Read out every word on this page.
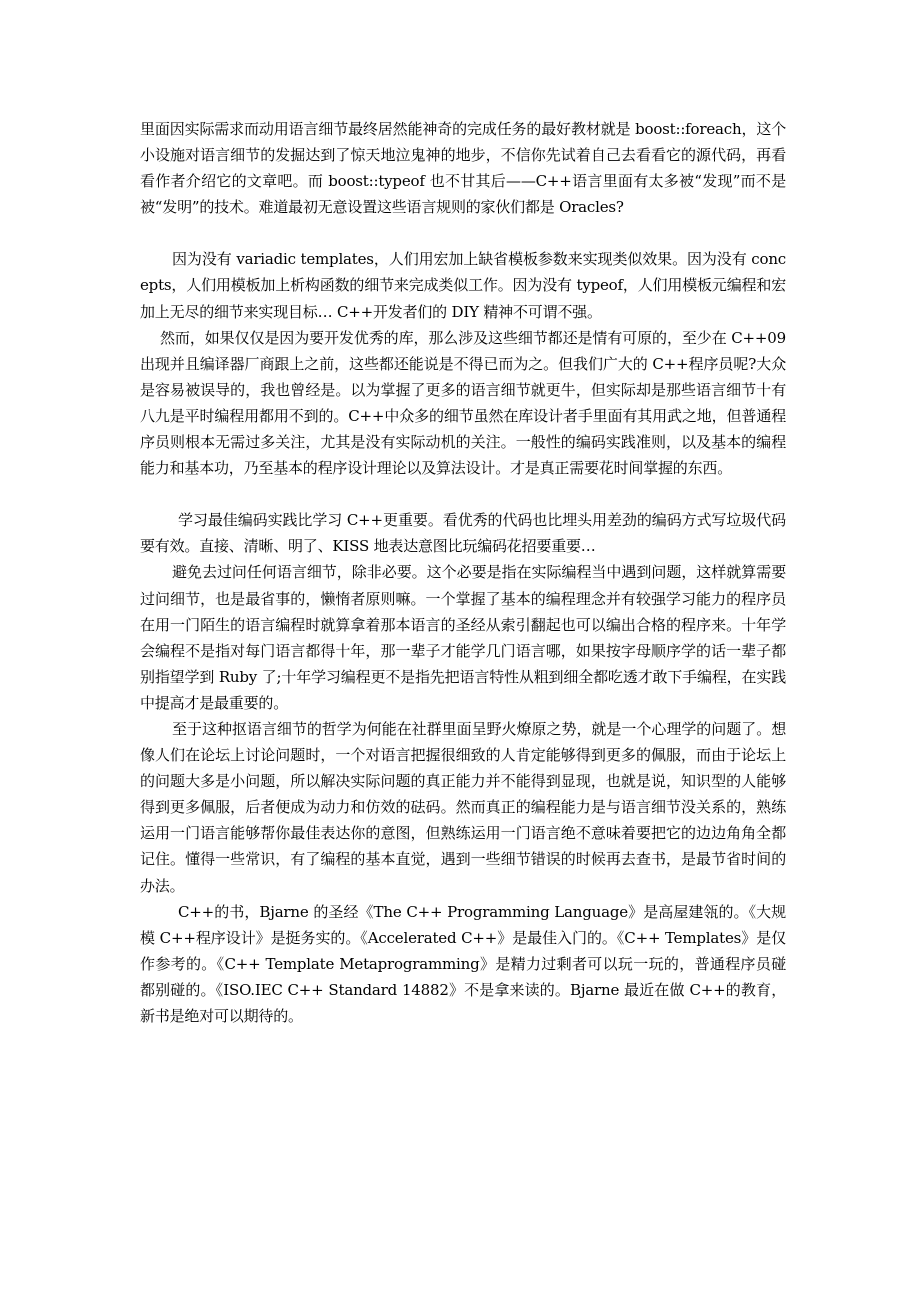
里面因实际需求而动用语言细节最终居然能神奇的完成任务的最好教材就是 boost::foreach，这个小设施对语言细节的发掘达到了惊天地泣鬼神的地步，不信你先试着自己去看看它的源代码，再看看作者介绍它的文章吧。而 boost::typeof 也不甘其后——C++语言里面有太多被“发现”而不是被“发明”的技术。难道最初无意设置这些语言规则的家伙们都是 Oracles?

因为没有 variadic templates，人们用宏加上缺省模板参数来实现类似效果。因为没有 concepts，人们用模板加上析构函数的细节来完成类似工作。因为没有 typeof，人们用模板元编程和宏加上无尽的细节来实现目标… C++开发者们的 DIY 精神不可谓不强。

然而，如果仅仅是因为要开发优秀的库，那么涉及这些细节都还是情有可原的，至少在 C++09 出现并且编译器厂商跟上之前，这些都还能说是不得已而为之。但我们广大的 C++程序员呢?大众是容易被误导的，我也曾经是。以为掌握了更多的语言细节就更牛，但实际却是那些语言细节十有八九是平时编程用都用不到的。C++中众多的细节虽然在库设计者手里面有其用武之地，但普通程序员则根本无需过多关注，尤其是没有实际动机的关注。一般性的编码实践准则，以及基本的编程能力和基本功，乃至基本的程序设计理论以及算法设计。才是真正需要花时间掌握的东西。

学习最佳编码实践比学习 C++更重要。看优秀的代码也比埋头用差劲的编码方式写垃圾代码要有效。直接、清晰、明了、KISS 地表达意图比玩编码花招要重要…

避免去过问任何语言细节，除非必要。这个必要是指在实际编程当中遇到问题，这样就算需要过问细节，也是最省事的，懒惰者原则嘛。一个掌握了基本的编程理念并有较强学习能力的程序员在用一门陌生的语言编程时就算拿着那本语言的圣经从索引翻起也可以编出合格的程序来。十年学会编程不是指对每门语言都得十年，那一辈子才能学几门语言哪，如果按字母顺序学的话一辈子都别指望学到 Ruby 了;十年学习编程更不是指先把语言特性从粗到细全都吃透才敢下手编程，在实践中提高才是最重要的。

至于这种抠语言细节的哲学为何能在社群里面呈野火燎原之势，就是一个心理学的问题了。想像人们在论坛上讨论问题时，一个对语言把握很细致的人肯定能够得到更多的佩服，而由于论坛上的问题大多是小问题，所以解决实际问题的真正能力并不能得到显现，也就是说，知识型的人能够得到更多佩服，后者便成为动力和仿效的砝码。然而真正的编程能力是与语言细节没关系的，熟练运用一门语言能够帮你最佳表达你的意图，但熟练运用一门语言绝不意味着要把它的边边角角全都记住。懂得一些常识，有了编程的基本直觉，遇到一些细节错误的时候再去查书，是最节省时间的办法。

C++的书，Bjarne 的圣经《The C++ Programming Language》是高屋建瓴的。《大规模 C++程序设计》是挺务实的。《Accelerated C++》是最佳入门的。《C++ Templates》是仅作参考的。《C++ Template Metaprogramming》是精力过剩者可以玩一玩的，普通程序员碰都别碰的。《ISO.IEC C++ Standard 14882》不是拿来读的。Bjarne 最近在做 C++的教育，新书是绝对可以期待的。
